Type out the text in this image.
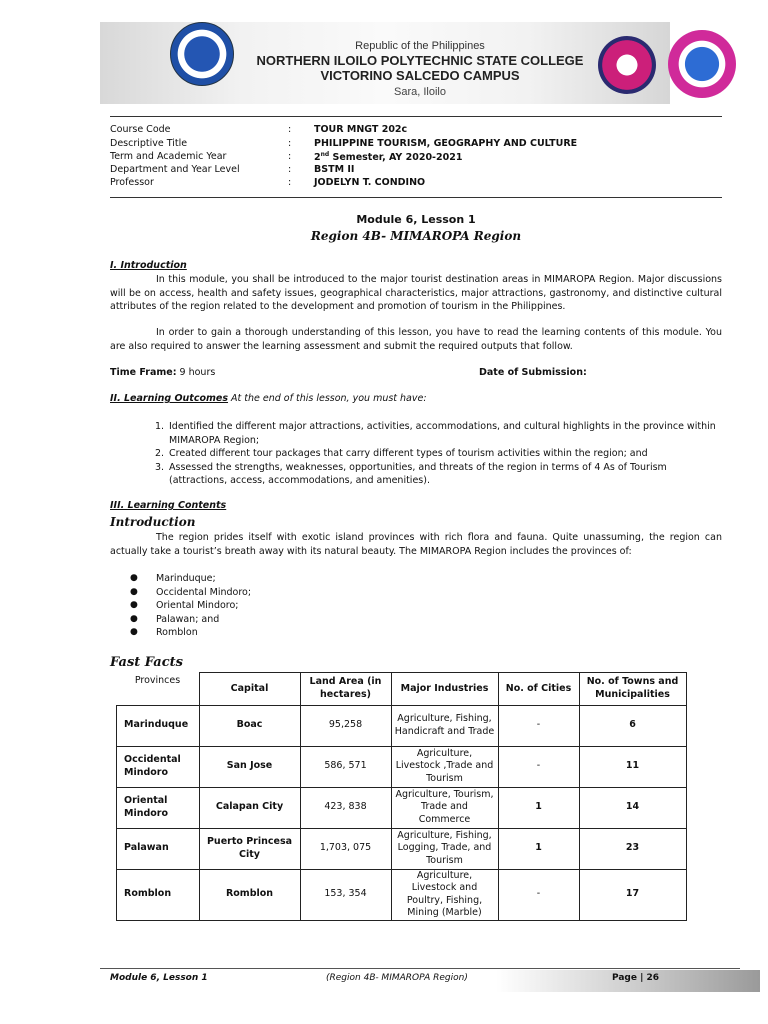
Republic of the Philippines
NORTHERN ILOILO POLYTECHNIC STATE COLLEGE
VICTORINO SALCEDO CAMPUS
Sara, Iloilo
Course Code	: TOUR MNGT 202c
Descriptive Title	: PHILIPPINE TOURISM, GEOGRAPHY AND CULTURE
Term and Academic Year	: 2nd Semester, AY 2020-2021
Department and Year Level	: BSTM II
Professor	: JODELYN T. CONDINO
Module 6, Lesson 1
Region 4B- MIMAROPA Region
I. Introduction
In this module, you shall be introduced to the major tourist destination areas in MIMAROPA Region. Major discussions will be on access, health and safety issues, geographical characteristics, major attractions, gastronomy, and distinctive cultural attributes of the region related to the development and promotion of tourism in the Philippines.
In order to gain a thorough understanding of this lesson, you have to read the learning contents of this module. You are also required to answer the learning assessment and submit the required outputs that follow.
Time Frame: 9 hours	Date of Submission:
II. Learning Outcomes At the end of this lesson, you must have:
1. Identified the different major attractions, activities, accommodations, and cultural highlights in the province within MIMAROPA Region;
2. Created different tour packages that carry different types of tourism activities within the region; and
3. Assessed the strengths, weaknesses, opportunities, and threats of the region in terms of 4 As of Tourism (attractions, access, accommodations, and amenities).
III. Learning Contents
Introduction
The region prides itself with exotic island provinces with rich flora and fauna. Quite unassuming, the region can actually take a tourist’s breath away with its natural beauty. The MIMAROPA Region includes the provinces of:
● Marinduque;
● Occidental Mindoro;
● Oriental Mindoro;
● Palawan; and
● Romblon
Fast Facts
Provinces	Capital	Land Area (in hectares)	Major Industries	No. of Cities	No. of Towns and Municipalities
Marinduque	Boac	95,258	Agriculture, Fishing, Handicraft and Trade	-	6
Occidental Mindoro	San Jose	586, 571	Agriculture, Livestock ,Trade and Tourism	-	11
Oriental Mindoro	Calapan City	423, 838	Agriculture, Tourism, Trade and Commerce	1	14
Palawan	Puerto Princesa City	1,703, 075	Agriculture, Fishing, Logging, Trade, and Tourism	1	23
Romblon	Romblon	153, 354	Agriculture, Livestock and Poultry, Fishing, Mining (Marble)	-	17
Module 6, Lesson 1	(Region 4B- MIMAROPA Region)	Page | 26
